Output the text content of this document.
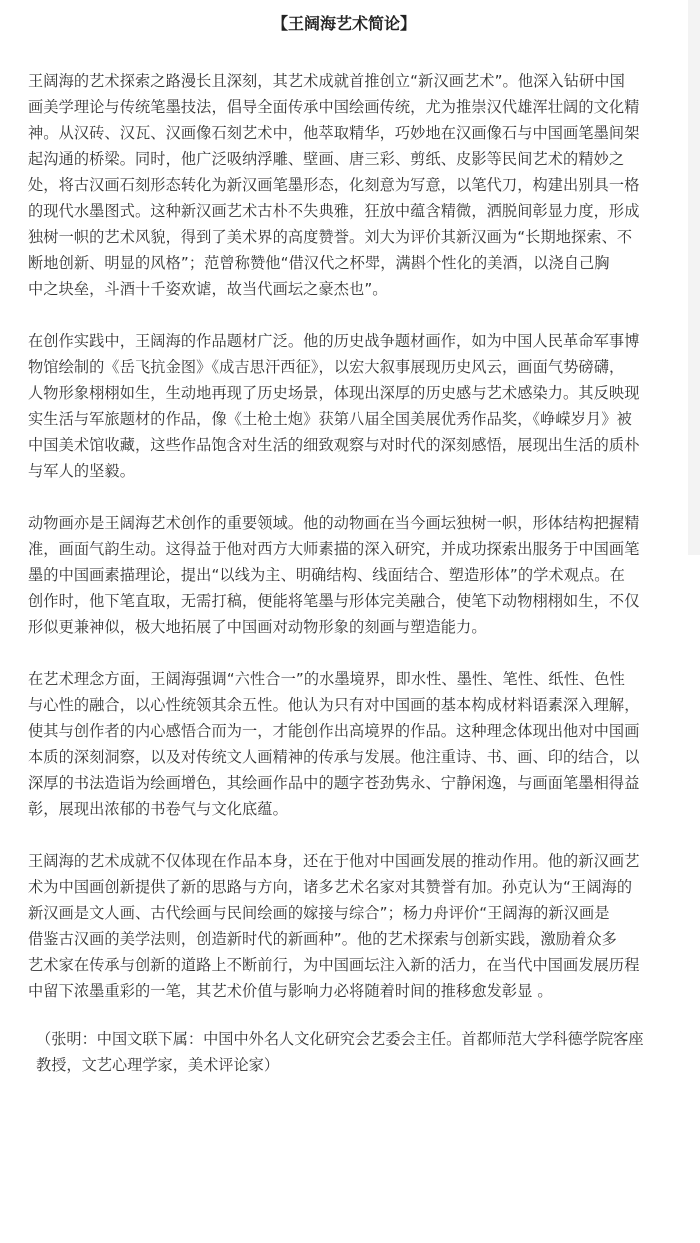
【王阔海艺术简论】
王阔海的艺术探索之路漫长且深刻，其艺术成就首推创立“新汉画艺术”。他深入钻研中国
画美学理论与传统笔墨技法，倡导全面传承中国绘画传统，尤为推崇汉代雄浑壮阔的文化精
神。从汉砖、汉瓦、汉画像石刻艺术中，他萃取精华，巧妙地在汉画像石与中国画笔墨间架
起沟通的桥梁。同时，他广泛吸纳浮雕、壁画、唐三彩、剪纸、皮影等民间艺术的精妙之
处，将古汉画石刻形态转化为新汉画笔墨形态，化刻意为写意，以笔代刀，构建出别具一格
的现代水墨图式。这种新汉画艺术古朴不失典雅，狂放中蕴含精微，洒脱间彰显力度，形成
独树一帜的艺术风貌，得到了美术界的高度赞誉。刘大为评价其新汉画为“长期地探索、不
断地创新、明显的风格”；范曾称赞他“借汉代之杯斝，满斟个性化的美酒，以浇自己胸
中之块垒，斗酒十千姿欢谑，故当代画坛之豪杰也”。
在创作实践中，王阔海的作品题材广泛。他的历史战争题材画作，如为中国人民革命军事博
物馆绘制的《岳飞抗金图》《成吉思汗西征》，以宏大叙事展现历史风云，画面气势磅礴，
人物形象栩栩如生，生动地再现了历史场景，体现出深厚的历史感与艺术感染力。其反映现
实生活与军旅题材的作品，像《土枪土炮》获第八届全国美展优秀作品奖，《峥嵘岁月》被
中国美术馆收藏，这些作品饱含对生活的细致观察与对时代的深刻感悟，展现出生活的质朴
与军人的坚毅。
动物画亦是王阔海艺术创作的重要领域。他的动物画在当今画坛独树一帜，形体结构把握精
准，画面气韵生动。这得益于他对西方大师素描的深入研究，并成功探索出服务于中国画笔
墨的中国画素描理论，提出“以线为主、明确结构、线面结合、塑造形体”的学术观点。在
创作时，他下笔直取，无需打稿，便能将笔墨与形体完美融合，使笔下动物栩栩如生，不仅
形似更兼神似，极大地拓展了中国画对动物形象的刻画与塑造能力。
在艺术理念方面，王阔海强调“六性合一”的水墨境界，即水性、墨性、笔性、纸性、色性
与心性的融合，以心性统领其余五性。他认为只有对中国画的基本构成材料语素深入理解，
使其与创作者的内心感悟合而为一，才能创作出高境界的作品。这种理念体现出他对中国画
本质的深刻洞察，以及对传统文人画精神的传承与发展。他注重诗、书、画、印的结合，以
深厚的书法造诣为绘画增色，其绘画作品中的题字苍劲隽永、宁静闲逸，与画面笔墨相得益
彰，展现出浓郁的书卷气与文化底蕴。
王阔海的艺术成就不仅体现在作品本身，还在于他对中国画发展的推动作用。他的新汉画艺
术为中国画创新提供了新的思路与方向，诸多艺术名家对其赞誉有加。孙克认为“王阔海的
新汉画是文人画、古代绘画与民间绘画的嫁接与综合”；杨力舟评价“王阔海的新汉画是
借鉴古汉画的美学法则，创造新时代的新画种”。他的艺术探索与创新实践，激励着众多
艺术家在传承与创新的道路上不断前行，为中国画坛注入新的活力，在当代中国画发展历程
中留下浓墨重彩的一笔，其艺术价值与影响力必将随着时间的推移愈发彰显 。
（张明：中国文联下属：中国中外名人文化研究会艺委会主任。首都师范大学科德学院客座
教授，文艺心理学家，美术评论家）
